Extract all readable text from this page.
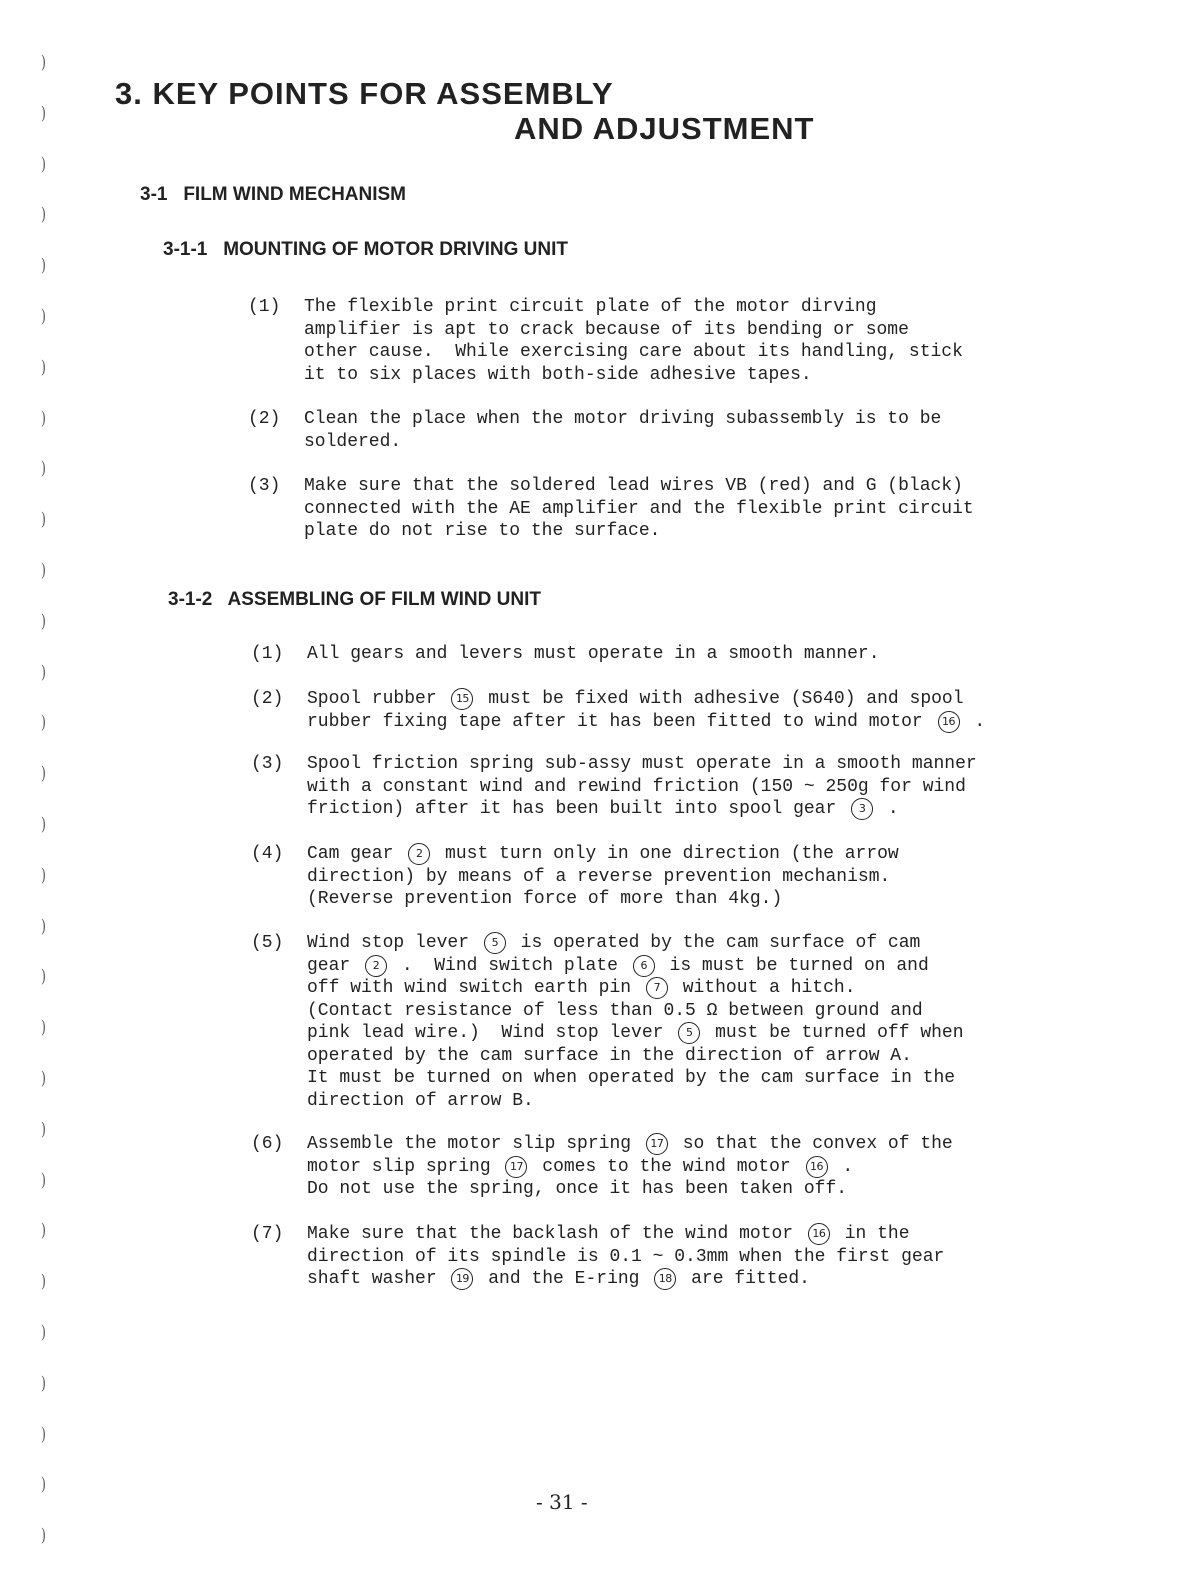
)
)
)
)
)
)
)
)
)
)
)
)
)
)
)
)
)
)
)
)
)
)
)
)
)
)
)
)
)
)
3. KEY POINTS FOR ASSEMBLY
AND ADJUSTMENT
3-1 FILM WIND MECHANISM
3-1-1 MOUNTING OF MOTOR DRIVING UNIT
(1)	The flexible print circuit plate of the motor dirving
amplifier is apt to crack because of its bending or some
other cause.  While exercising care about its handling, stick
it to six places with both-side adhesive tapes.
(2)	Clean the place when the motor driving subassembly is to be
soldered.
(3)	Make sure that the soldered lead wires VB (red) and G (black)
connected with the AE amplifier and the flexible print circuit
plate do not rise to the surface.
3-1-2 ASSEMBLING OF FILM WIND UNIT
(1)	All gears and levers must operate in a smooth manner.
(2)	Spool rubber 15 must be fixed with adhesive (S640) and spool
rubber fixing tape after it has been fitted to wind motor 16 .
(3)	Spool friction spring sub-assy must operate in a smooth manner
with a constant wind and rewind friction (150 ~ 250g for wind
friction) after it has been built into spool gear 3 .
(4)	Cam gear 2 must turn only in one direction (the arrow
direction) by means of a reverse prevention mechanism.
(Reverse prevention force of more than 4kg.)
(5)	Wind stop lever 5 is operated by the cam surface of cam
gear 2 .  Wind switch plate 6 is must be turned on and
off with wind switch earth pin 7 without a hitch.
(Contact resistance of less than 0.5 Ω between ground and
pink lead wire.)  Wind stop lever 5 must be turned off when
operated by the cam surface in the direction of arrow A.
It must be turned on when operated by the cam surface in the
direction of arrow B.
(6)	Assemble the motor slip spring 17 so that the convex of the
motor slip spring 17 comes to the wind motor 16 .
Do not use the spring, once it has been taken off.
(7)	Make sure that the backlash of the wind motor 16 in the
direction of its spindle is 0.1 ~ 0.3mm when the first gear
shaft washer 19 and the E-ring 18 are fitted.
- 31 -
